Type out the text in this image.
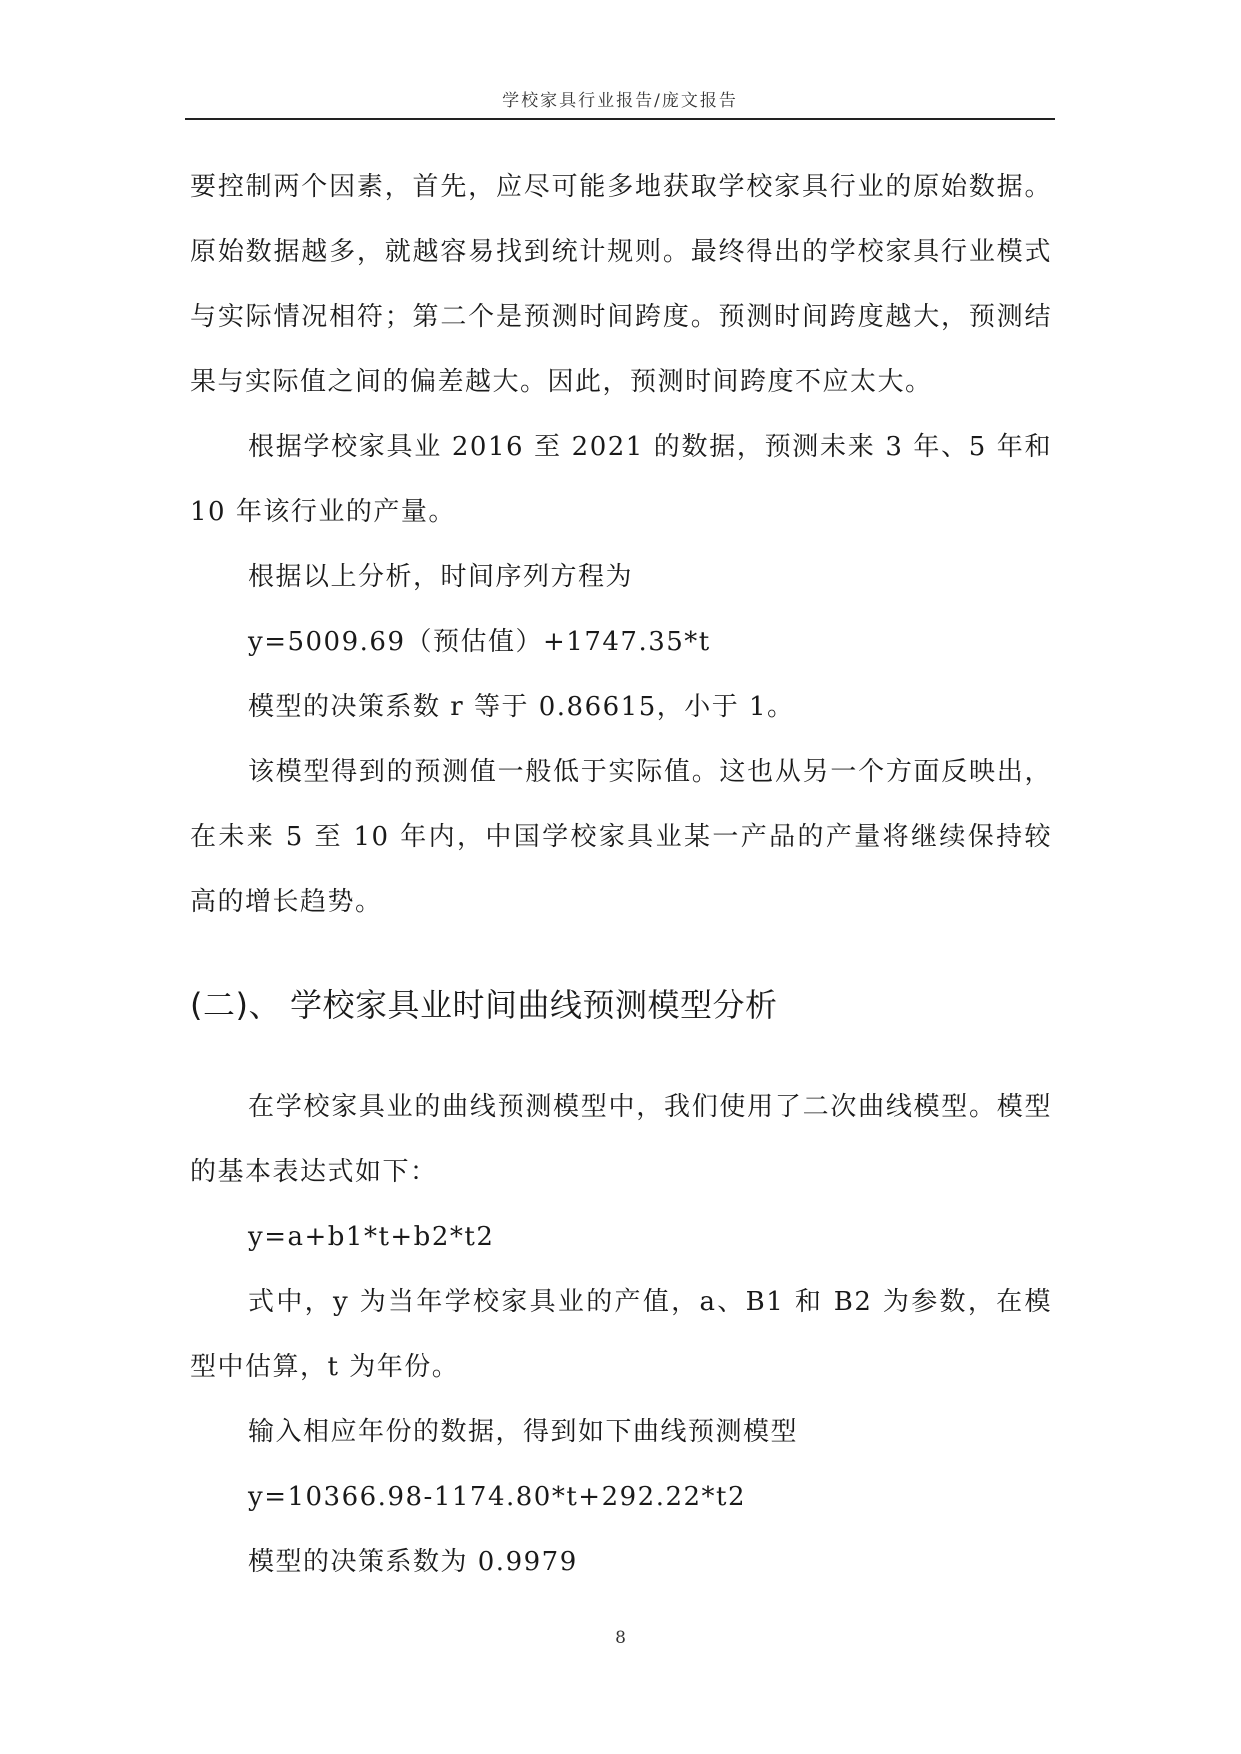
学校家具行业报告/庞文报告

要控制两个因素，首先，应尽可能多地获取学校家具行业的原始数据。原始数据越多，就越容易找到统计规则。最终得出的学校家具行业模式与实际情况相符；第二个是预测时间跨度。预测时间跨度越大，预测结果与实际值之间的偏差越大。因此，预测时间跨度不应太大。

根据学校家具业 2016 至 2021 的数据，预测未来 3 年、5 年和 10 年该行业的产量。

根据以上分析，时间序列方程为

y=5009.69（预估值）+1747.35*t

模型的决策系数 r 等于 0.86615，小于 1。

该模型得到的预测值一般低于实际值。这也从另一个方面反映出，在未来 5 至 10 年内，中国学校家具业某一产品的产量将继续保持较高的增长趋势。

(二)、 学校家具业时间曲线预测模型分析

在学校家具业的曲线预测模型中，我们使用了二次曲线模型。模型的基本表达式如下：

y=a+b1*t+b2*t2

式中，y 为当年学校家具业的产值，a、B1 和 B2 为参数，在模型中估算，t 为年份。

输入相应年份的数据，得到如下曲线预测模型

y=10366.98-1174.80*t+292.22*t2

模型的决策系数为 0.9979

8
